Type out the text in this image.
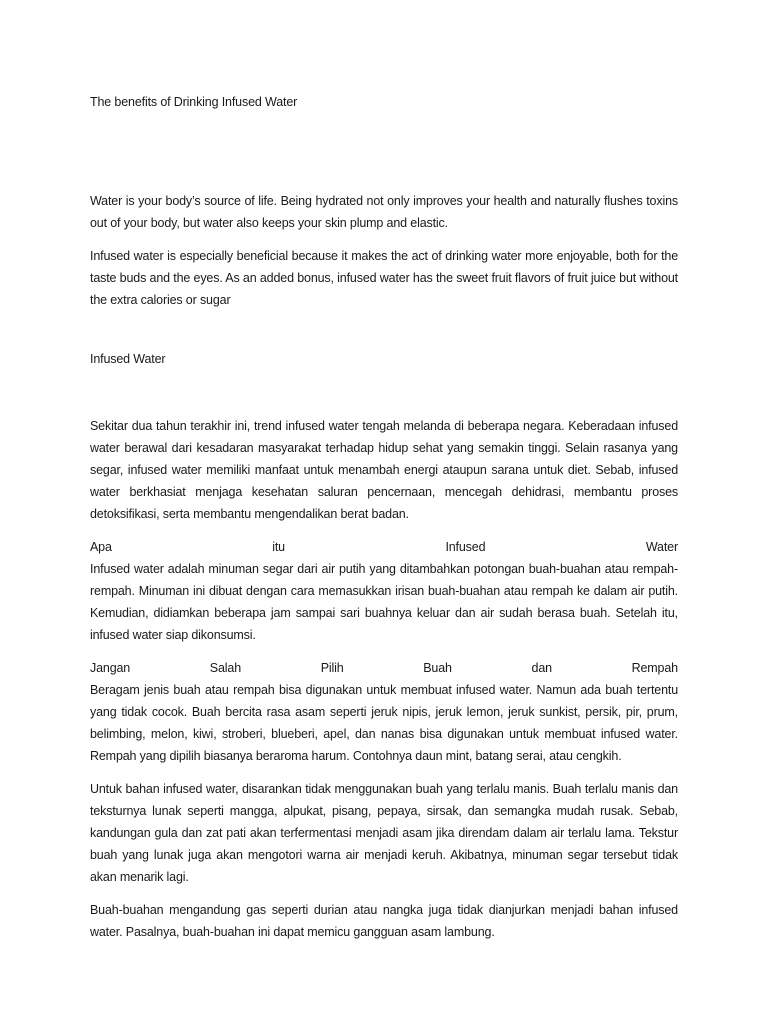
The benefits of Drinking Infused Water

Water is your body’s source of life. Being hydrated not only improves your health and naturally flushes toxins out of your body, but water also keeps your skin plump and elastic.

Infused water is especially beneficial because it makes the act of drinking water more enjoyable, both for the taste buds and the eyes. As an added bonus, infused water has the sweet fruit flavors of fruit juice but without the extra calories or sugar

Infused Water

Sekitar dua tahun terakhir ini, trend infused water tengah melanda di beberapa negara. Keberadaan infused water berawal dari kesadaran masyarakat terhadap hidup sehat yang semakin tinggi. Selain rasanya yang segar, infused water memiliki manfaat untuk menambah energi ataupun sarana untuk diet. Sebab, infused water berkhasiat menjaga kesehatan saluran pencernaan, mencegah dehidrasi, membantu proses detoksifikasi, serta membantu mengendalikan berat badan.

Apa	itu	Infused	Water

Infused water adalah minuman segar dari air putih yang ditambahkan potongan buah-buahan atau rempah-rempah. Minuman ini dibuat dengan cara memasukkan irisan buah-buahan atau rempah ke dalam air putih. Kemudian, didiamkan beberapa jam sampai sari buahnya keluar dan air sudah berasa buah. Setelah itu, infused water siap dikonsumsi.

Jangan	Salah	Pilih	Buah	dan	Rempah

Beragam jenis buah atau rempah bisa digunakan untuk membuat infused water. Namun ada buah tertentu yang tidak cocok. Buah bercita rasa asam seperti jeruk nipis, jeruk lemon, jeruk sunkist, persik, pir, prum, belimbing, melon, kiwi, stroberi, blueberi, apel, dan nanas bisa digunakan untuk membuat infused water. Rempah yang dipilih biasanya beraroma harum. Contohnya daun mint, batang serai, atau cengkih.

Untuk bahan infused water, disarankan tidak menggunakan buah yang terlalu manis. Buah terlalu manis dan teksturnya lunak seperti mangga, alpukat, pisang, pepaya, sirsak, dan semangka mudah rusak. Sebab, kandungan gula dan zat pati akan terfermentasi menjadi asam jika direndam dalam air terlalu lama. Tekstur buah yang lunak juga akan mengotori warna air menjadi keruh. Akibatnya, minuman segar tersebut tidak akan menarik lagi.

Buah-buahan mengandung gas seperti durian atau nangka juga tidak dianjurkan menjadi bahan infused water. Pasalnya, buah-buahan ini dapat memicu gangguan asam lambung.
